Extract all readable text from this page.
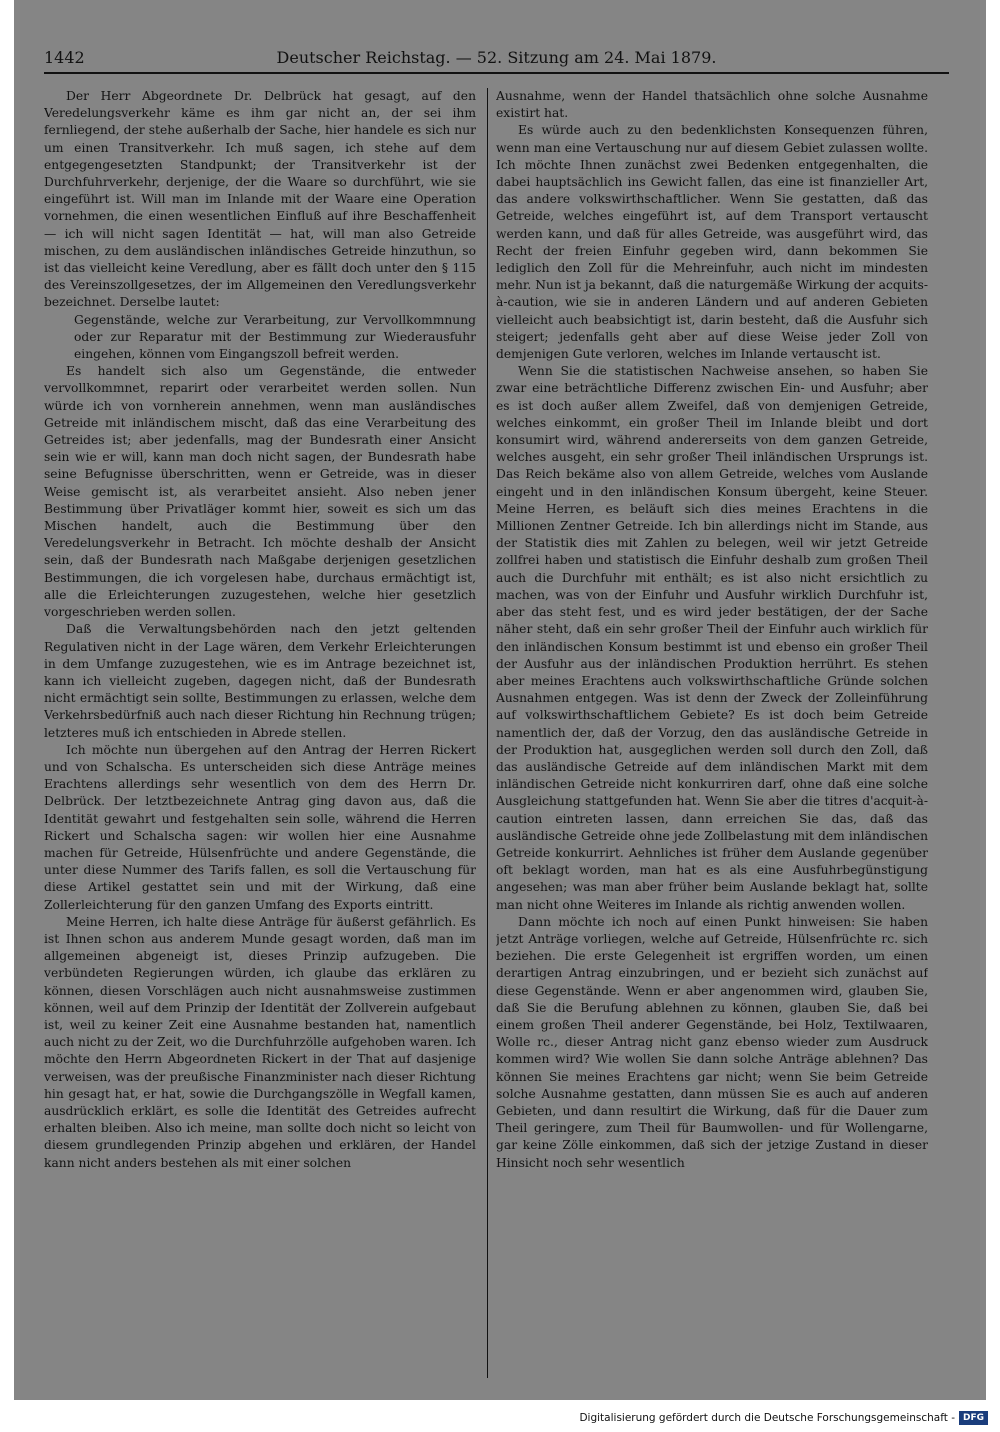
1442	Deutscher Reichstag. — 52. Sitzung am 24. Mai 1879.

Der Herr Abgeordnete Dr. Delbrück hat gesagt, auf den Veredelungsverkehr käme es ihm gar nicht an, der sei ihm fernliegend, der stehe außerhalb der Sache, hier handele es sich nur um einen Transitverkehr. Ich muß sagen, ich stehe auf dem entgegengesetzten Standpunkt; der Transitverkehr ist der Durchfuhrverkehr, derjenige, der die Waare so durchführt, wie sie eingeführt ist. Will man im Inlande mit der Waare eine Operation vornehmen, die einen wesentlichen Einfluß auf ihre Beschaffenheit — ich will nicht sagen Identität — hat, will man also Getreide mischen, zu dem ausländischen inländisches Getreide hinzuthun, so ist das vielleicht keine Veredlung, aber es fällt doch unter den § 115 des Vereinszollgesetzes, der im Allgemeinen den Veredlungsverkehr bezeichnet. Derselbe lautet:

Gegenstände, welche zur Verarbeitung, zur Vervollkommnung oder zur Reparatur mit der Bestimmung zur Wiederausfuhr eingehen, können vom Eingangszoll befreit werden.

Es handelt sich also um Gegenstände, die entweder vervollkommnet, reparirt oder verarbeitet werden sollen. Nun würde ich von vornherein annehmen, wenn man ausländisches Getreide mit inländischem mischt, daß das eine Verarbeitung des Getreides ist; aber jedenfalls, mag der Bundesrath einer Ansicht sein wie er will, kann man doch nicht sagen, der Bundesrath habe seine Befugnisse überschritten, wenn er Getreide, was in dieser Weise gemischt ist, als verarbeitet ansieht. Also neben jener Bestimmung über Privatläger kommt hier, soweit es sich um das Mischen handelt, auch die Bestimmung über den Veredelungsverkehr in Betracht. Ich möchte deshalb der Ansicht sein, daß der Bundesrath nach Maßgabe derjenigen gesetzlichen Bestimmungen, die ich vorgelesen habe, durchaus ermächtigt ist, alle die Erleichterungen zuzugestehen, welche hier gesetzlich vorgeschrieben werden sollen.

Daß die Verwaltungsbehörden nach den jetzt geltenden Regulativen nicht in der Lage wären, dem Verkehr Erleichterungen in dem Umfange zuzugestehen, wie es im Antrage bezeichnet ist, kann ich vielleicht zugeben, dagegen nicht, daß der Bundesrath nicht ermächtigt sein sollte, Bestimmungen zu erlassen, welche dem Verkehrsbedürfniß auch nach dieser Richtung hin Rechnung trügen; letzteres muß ich entschieden in Abrede stellen.

Ich möchte nun übergehen auf den Antrag der Herren Rickert und von Schalscha. Es unterscheiden sich diese Anträge meines Erachtens allerdings sehr wesentlich von dem des Herrn Dr. Delbrück. Der letztbezeichnete Antrag ging davon aus, daß die Identität gewahrt und festgehalten sein solle, während die Herren Rickert und Schalscha sagen: wir wollen hier eine Ausnahme machen für Getreide, Hülsenfrüchte und andere Gegenstände, die unter diese Nummer des Tarifs fallen, es soll die Vertauschung für diese Artikel gestattet sein und mit der Wirkung, daß eine Zollerleichterung für den ganzen Umfang des Exports eintritt.

Meine Herren, ich halte diese Anträge für äußerst gefährlich. Es ist Ihnen schon aus anderem Munde gesagt worden, daß man im allgemeinen abgeneigt ist, dieses Prinzip aufzugeben. Die verbündeten Regierungen würden, ich glaube das erklären zu können, diesen Vorschlägen auch nicht ausnahmsweise zustimmen können, weil auf dem Prinzip der Identität der Zollverein aufgebaut ist, weil zu keiner Zeit eine Ausnahme bestanden hat, namentlich auch nicht zu der Zeit, wo die Durchfuhrzölle aufgehoben waren. Ich möchte den Herrn Abgeordneten Rickert in der That auf dasjenige verweisen, was der preußische Finanzminister nach dieser Richtung hin gesagt hat, er hat, sowie die Durchgangszölle in Wegfall kamen, ausdrücklich erklärt, es solle die Identität des Getreides aufrecht erhalten bleiben. Also ich meine, man sollte doch nicht so leicht von diesem grundlegenden Prinzip abgehen und erklären, der Handel kann nicht anders bestehen als mit einer solchen

Ausnahme, wenn der Handel thatsächlich ohne solche Ausnahme existirt hat.

Es würde auch zu den bedenklichsten Konsequenzen führen, wenn man eine Vertauschung nur auf diesem Gebiet zulassen wollte. Ich möchte Ihnen zunächst zwei Bedenken entgegenhalten, die dabei hauptsächlich ins Gewicht fallen, das eine ist finanzieller Art, das andere volkswirthschaftlicher. Wenn Sie gestatten, daß das Getreide, welches eingeführt ist, auf dem Transport vertauscht werden kann, und daß für alles Getreide, was ausgeführt wird, das Recht der freien Einfuhr gegeben wird, dann bekommen Sie lediglich den Zoll für die Mehreinfuhr, auch nicht im mindesten mehr. Nun ist ja bekannt, daß die naturgemäße Wirkung der acquits-à-caution, wie sie in anderen Ländern und auf anderen Gebieten vielleicht auch beabsichtigt ist, darin besteht, daß die Ausfuhr sich steigert; jedenfalls geht aber auf diese Weise jeder Zoll von demjenigen Gute verloren, welches im Inlande vertauscht ist.

Wenn Sie die statistischen Nachweise ansehen, so haben Sie zwar eine beträchtliche Differenz zwischen Ein- und Ausfuhr; aber es ist doch außer allem Zweifel, daß von demjenigen Getreide, welches einkommt, ein großer Theil im Inlande bleibt und dort konsumirt wird, während andererseits von dem ganzen Getreide, welches ausgeht, ein sehr großer Theil inländischen Ursprungs ist. Das Reich bekäme also von allem Getreide, welches vom Auslande eingeht und in den inländischen Konsum übergeht, keine Steuer. Meine Herren, es beläuft sich dies meines Erachtens in die Millionen Zentner Getreide. Ich bin allerdings nicht im Stande, aus der Statistik dies mit Zahlen zu belegen, weil wir jetzt Getreide zollfrei haben und statistisch die Einfuhr deshalb zum großen Theil auch die Durchfuhr mit enthält; es ist also nicht ersichtlich zu machen, was von der Einfuhr und Ausfuhr wirklich Durchfuhr ist, aber das steht fest, und es wird jeder bestätigen, der der Sache näher steht, daß ein sehr großer Theil der Einfuhr auch wirklich für den inländischen Konsum bestimmt ist und ebenso ein großer Theil der Ausfuhr aus der inländischen Produktion herrührt. Es stehen aber meines Erachtens auch volkswirthschaftliche Gründe solchen Ausnahmen entgegen. Was ist denn der Zweck der Zolleinführung auf volkswirthschaftlichem Gebiete? Es ist doch beim Getreide namentlich der, daß der Vorzug, den das ausländische Getreide in der Produktion hat, ausgeglichen werden soll durch den Zoll, daß das ausländische Getreide auf dem inländischen Markt mit dem inländischen Getreide nicht konkurriren darf, ohne daß eine solche Ausgleichung stattgefunden hat. Wenn Sie aber die titres d'acquit-à-caution eintreten lassen, dann erreichen Sie das, daß das ausländische Getreide ohne jede Zollbelastung mit dem inländischen Getreide konkurrirt. Aehnliches ist früher dem Auslande gegenüber oft beklagt worden, man hat es als eine Ausfuhrbegünstigung angesehen; was man aber früher beim Auslande beklagt hat, sollte man nicht ohne Weiteres im Inlande als richtig anwenden wollen.

Dann möchte ich noch auf einen Punkt hinweisen: Sie haben jetzt Anträge vorliegen, welche auf Getreide, Hülsenfrüchte rc. sich beziehen. Die erste Gelegenheit ist ergriffen worden, um einen derartigen Antrag einzubringen, und er bezieht sich zunächst auf diese Gegenstände. Wenn er aber angenommen wird, glauben Sie, daß Sie die Berufung ablehnen zu können, glauben Sie, daß bei einem großen Theil anderer Gegenstände, bei Holz, Textilwaaren, Wolle rc., dieser Antrag nicht ganz ebenso wieder zum Ausdruck kommen wird? Wie wollen Sie dann solche Anträge ablehnen? Das können Sie meines Erachtens gar nicht; wenn Sie beim Getreide solche Ausnahme gestatten, dann müssen Sie es auch auf anderen Gebieten, und dann resultirt die Wirkung, daß für die Dauer zum Theil geringere, zum Theil für Baumwollen- und für Wollengarne, gar keine Zölle einkommen, daß sich der jetzige Zustand in dieser Hinsicht noch sehr wesentlich

Digitalisierung gefördert durch die Deutsche Forschungsgemeinschaft - DFG
